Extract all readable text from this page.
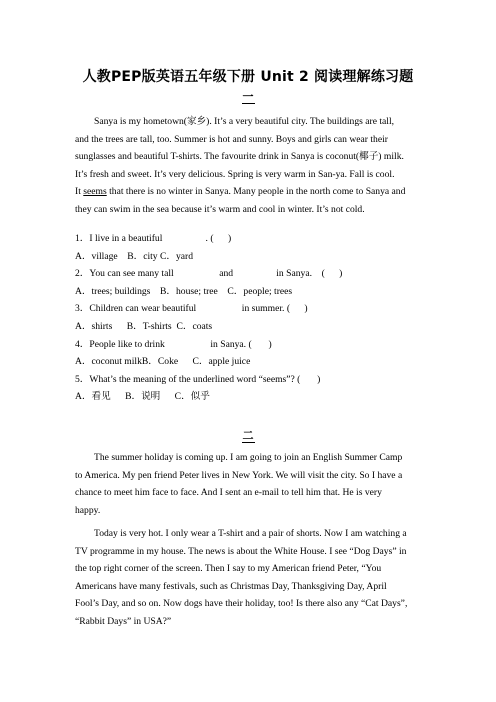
人教PEP版英语五年级下册 Unit 2 阅读理解练习题
一

Sanya is my hometown(家乡). It’s a very beautiful city. The buildings are tall,

and the trees are tall, too. Summer is hot and sunny. Boys and girls can wear their

sunglasses and beautiful T-shirts. The favourite drink in Sanya is coconut(椰子) milk.

It’s fresh and sweet. It’s very delicious. Spring is very warm in San-ya. Fall is cool.

It seems that there is no winter in Sanya. Many people in the north come to Sanya and

they can swim in the sea because it’s warm and cool in winter. It’s not cold.

1．I live in a beautiful                  . (      )
A．village    B．city C．yard
2．You can see many tall                   and                  in Sanya.    (      )
A．trees; buildings    B．house; tree    C．people; trees
3．Children can wear beautiful                   in summer. (      )
A．shirts      B．T-shirts  C．coats
4．People like to drink                   in Sanya. (       )
A．coconut milkB．Coke      C．apple juice
5．What’s the meaning of the underlined word “seems”? (       )
A．看见      B．说明      C．似乎
二

The summer holiday is coming up. I am going to join an English Summer Camp

to America. My pen friend Peter lives in New York. We will visit the city. So I have a

chance to meet him face to face. And I sent an e-mail to tell him that. He is very

happy.

Today is very hot. I only wear a T-shirt and a pair of shorts. Now I am watching a

TV programme in my house. The news is about the White House. I see “Dog Days” in

the top right corner of the screen. Then I say to my American friend Peter, “You

Americans have many festivals, such as Christmas Day, Thanksgiving Day, April

Fool’s Day, and so on. Now dogs have their holiday, too! Is there also any “Cat Days”,

“Rabbit Days” in USA?”
